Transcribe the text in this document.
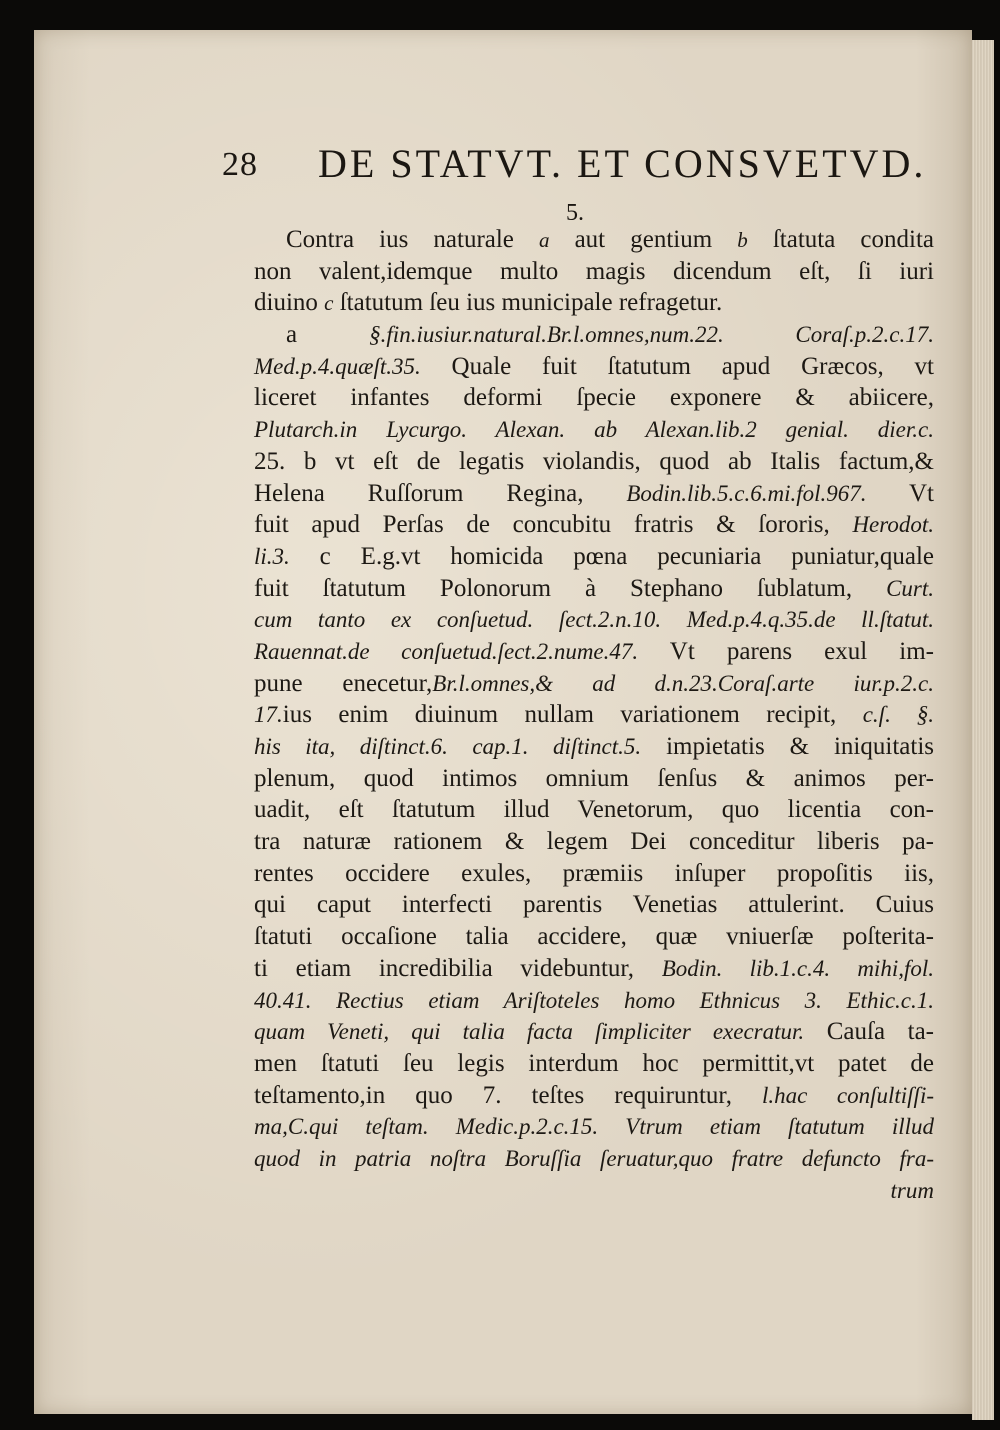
28 DE STATVT. ET CONSVETVD.
5.
Contra ius naturale a aut gentium b ſtatuta condita
non valent,idemque multo magis dicendum eſt, ſi iuri
diuino c ſtatutum ſeu ius municipale refragetur.
a §.fin.iusiur.natural.Br.l.omnes,num.22. Coraſ.p.2.c.17.
Med.p.4.quæſt.35. Quale fuit ſtatutum apud Græcos, vt
liceret infantes deformi ſpecie exponere & abiicere,
Plutarch.in Lycurgo. Alexan. ab Alexan.lib.2 genial. dier.c.
25. b vt eſt de legatis violandis, quod ab Italis factum,&
Helena Ruſſorum Regina, Bodin.lib.5.c.6.mi.fol.967. Vt
fuit apud Perſas de concubitu fratris & ſororis, Herodot.
li.3. c E.g.vt homicida pœna pecuniaria puniatur,quale
fuit ſtatutum Polonorum à Stephano ſublatum, Curt.
cum tanto ex conſuetud. ſect.2.n.10. Med.p.4.q.35.de ll.ſtatut.
Rauennat.de conſuetud.ſect.2.nume.47. Vt parens exul im-
pune enecetur,Br.l.omnes,& ad d.n.23.Coraſ.arte iur.p.2.c.
17.ius enim diuinum nullam variationem recipit, c.ſ. §.
his ita, diſtinct.6. cap.1. diſtinct.5. impietatis & iniquitatis
plenum, quod intimos omnium ſenſus & animos per-
uadit, eſt ſtatutum illud Venetorum, quo licentia con-
tra naturæ rationem & legem Dei conceditur liberis pa-
rentes occidere exules, præmiis inſuper propoſitis iis,
qui caput interfecti parentis Venetias attulerint. Cuius
ſtatuti occaſione talia accidere, quæ vniuerſæ poſterita-
ti etiam incredibilia videbuntur, Bodin. lib.1.c.4. mihi,fol.
40.41. Rectius etiam Ariſtoteles homo Ethnicus 3. Ethic.c.1.
quam Veneti, qui talia facta ſimpliciter execratur. Cauſa ta-
men ſtatuti ſeu legis interdum hoc permittit,vt patet de
teſtamento,in quo 7. teſtes requiruntur, l.hac conſultiſſi-
ma,C.qui teſtam. Medic.p.2.c.15. Vtrum etiam ſtatutum illud
quod in patria noſtra Boruſſia ſeruatur,quo fratre defuncto fra-
trum
